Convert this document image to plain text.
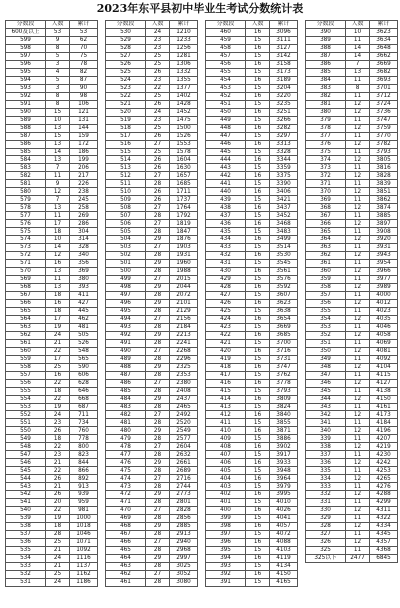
2023年东平县初中毕业生考试分数统计表
分数段	人数	累计
600及以上	53	53
599	9	62
598	8	70
597	5	75
596	3	78
595	4	82
594	5	87
593	3	90
592	8	98
591	8	106
590	15	121
589	10	131
588	13	144
587	15	159
586	13	172
585	14	186
584	13	199
583	7	206
582	11	217
581	9	226
580	12	238
579	7	245
578	13	258
577	11	269
576	17	286
575	18	304
574	10	314
573	14	328
572	12	340
571	16	356
570	13	369
569	11	380
568	13	393
567	18	411
566	16	427
565	18	445
564	17	462
563	19	481
562	24	505
561	21	526
560	22	548
559	17	565
558	25	590
557	16	606
556	22	628
555	18	646
554	22	668
553	19	687
552	24	711
551	23	734
550	26	760
549	18	778
548	22	800
547	23	823
546	21	844
545	22	866
544	26	892
543	21	913
542	26	939
541	20	959
540	22	981
539	19	1000
538	18	1018
537	28	1046
536	25	1071
535	21	1092
534	24	1116
533	21	1137
532	25	1162
531	24	1186
分数段	人数	累计
530	24	1210
529	23	1233
528	23	1256
527	25	1281
526	25	1306
525	26	1332
524	23	1355
523	22	1377
522	25	1402
521	26	1428
520	24	1452
519	23	1475
518	25	1500
517	26	1526
516	27	1553
515	25	1578
514	26	1604
513	26	1630
512	27	1657
511	28	1685
510	26	1711
509	26	1737
508	27	1764
507	28	1792
506	27	1819
505	28	1847
504	29	1876
503	27	1903
502	28	1931
501	29	1960
500	28	1988
499	27	2015
498	29	2044
497	28	2072
496	29	2101
495	28	2129
494	27	2156
493	28	2184
492	29	2213
491	28	2241
490	27	2268
489	28	2296
488	29	2325
487	28	2353
486	27	2380
485	28	2408
484	29	2437
483	28	2465
482	27	2492
481	28	2520
480	29	2549
479	28	2577
478	27	2604
477	28	2632
476	29	2661
475	28	2689
474	27	2716
473	28	2744
472	29	2773
471	28	2801
470	27	2828
469	28	2856
468	29	2885
467	28	2913
466	27	2940
465	28	2968
464	29	2997
463	28	3025
462	27	3052
461	28	3080
分数段	人数	累计
460	16	3096
459	15	3111
458	16	3127
457	15	3142
456	16	3158
455	15	3173
454	16	3189
453	15	3204
452	16	3220
451	15	3235
450	16	3251
449	15	3266
448	16	3282
447	15	3297
446	16	3313
445	15	3328
444	16	3344
443	15	3359
442	16	3375
441	15	3390
440	16	3406
439	15	3421
438	16	3437
437	15	3452
436	16	3468
435	15	3483
434	16	3499
433	15	3514
432	16	3530
431	15	3545
430	16	3561
429	15	3576
428	16	3592
427	15	3607
426	16	3623
425	15	3638
424	16	3654
423	15	3669
422	16	3685
421	15	3700
420	16	3716
419	15	3731
418	16	3747
417	15	3762
416	16	3778
415	15	3793
414	16	3809
413	15	3824
412	16	3840
411	15	3855
410	16	3871
409	15	3886
408	16	3902
407	15	3917
406	16	3933
405	15	3948
404	16	3964
403	15	3979
402	16	3995
401	15	4010
400	16	4026
399	15	4041
398	16	4057
397	15	4072
396	16	4088
395	15	4103
394	16	4119
393	15	4134
392	16	4150
391	15	4165
分数段	人数	累计
390	10	3623
389	11	3634
388	14	3648
387	14	3662
386	7	3669
385	13	3682
384	11	3693
383	8	3701
382	11	3712
381	12	3724
380	12	3736
379	11	3747
378	12	3759
377	11	3770
376	12	3782
375	11	3793
374	12	3805
373	11	3816
372	12	3828
371	11	3839
370	12	3851
369	11	3862
368	12	3874
367	11	3885
366	12	3897
365	11	3908
364	12	3920
363	11	3931
362	12	3943
361	11	3954
360	12	3966
359	11	3977
358	12	3989
357	11	4000
356	12	4012
355	11	4023
354	12	4035
353	11	4046
352	12	4058
351	11	4069
350	12	4081
349	11	4092
348	12	4104
347	11	4115
346	12	4127
345	11	4138
344	12	4150
343	11	4161
342	12	4173
341	11	4184
340	12	4196
339	11	4207
338	12	4219
337	11	4230
336	12	4242
335	11	4253
334	12	4265
333	11	4276
332	12	4288
331	11	4299
330	12	4311
329	11	4322
328	12	4334
327	11	4345
326	12	4357
325	11	4368
325以下	2477	6845
